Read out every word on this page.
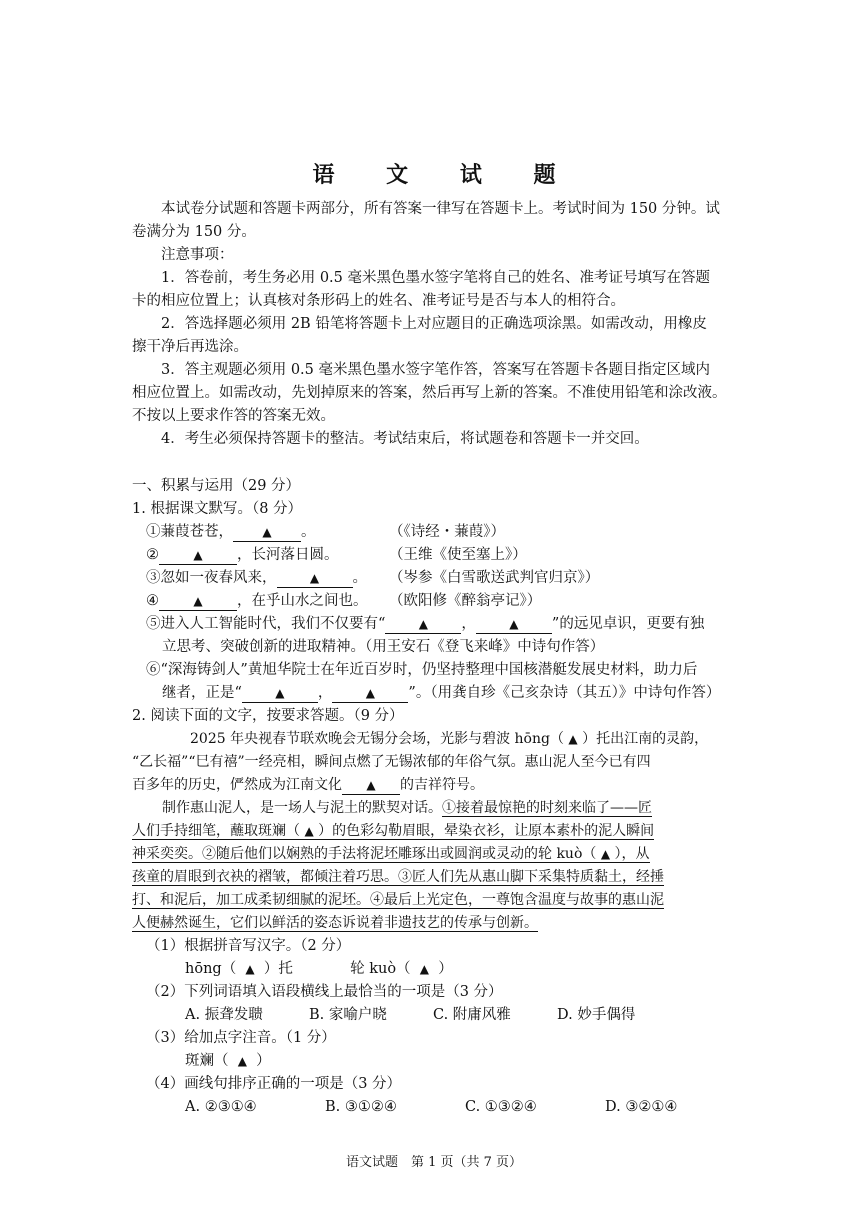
语 文 试 题
本试卷分试题和答题卡两部分，所有答案一律写在答题卡上。考试时间为 150 分钟。试
卷满分为 150 分。
注意事项：
1．答卷前，考生务必用 0.5 毫米黑色墨水签字笔将自己的姓名、准考证号填写在答题
卡的相应位置上；认真核对条形码上的姓名、准考证号是否与本人的相符合。
2．答选择题必须用 2B 铅笔将答题卡上对应题目的正确选项涂黑。如需改动，用橡皮
擦干净后再选涂。
3．答主观题必须用 0.5 毫米黑色墨水签字笔作答，答案写在答题卡各题目指定区域内
相应位置上。如需改动，先划掉原来的答案，然后再写上新的答案。不准使用铅笔和涂改液。
不按以上要求作答的答案无效。
4．考生必须保持答题卡的整洁。考试结束后，将试题卷和答题卡一并交回。
一、积累与运用（29 分）
1. 根据课文默写。（8 分）
①蒹葭苍苍， ▲ 。	（《诗经・蒹葭》）
②	▲ ，长河落日圆。	（王维《使至塞上》）
③忽如一夜春风来，	▲ 。	（岑参《白雪歌送武判官归京》）
④	▲ ，在乎山水之间也。	（欧阳修《醉翁亭记》）
⑤进入人工智能时代，我们不仅要有“	▲ ，	▲ ”的远见卓识，更要有独
立思考、突破创新的进取精神。（用王安石《登飞来峰》中诗句作答）
⑥“深海铸剑人”黄旭华院士在年近百岁时，仍坚持整理中国核潜艇发展史材料，助力后
继者，正是“	▲ ，	▲ ”。（用龚自珍《己亥杂诗（其五）》中诗句作答）
2. 阅读下面的文字，按要求答题。（9 分）
2025 年央视春节联欢晚会无锡分会场，光影与碧波 hōng（ ▲ ）托出江南的灵韵，
“乙长福”“巳有禧”一经亮相，瞬间点燃了无锡浓郁的年俗气氛。惠山泥人至今已有四
百多年的历史，俨然成为江南文化 ▲ 的吉祥符号。
制作惠山泥人，是一场人与泥土的默契对话。①接着最惊艳的时刻来临了——匠
人们手持细笔，蘸取斑斓（ ▲ ）的色彩勾勒眉眼，晕染衣衫，让原本素朴的泥人瞬间
神采奕奕。②随后他们以娴熟的手法将泥坯雕琢出或圆润或灵动的轮 kuò（ ▲ ），从
孩童的眉眼到衣袂的褶皱，都倾注着巧思。③匠人们先从惠山脚下采集特质黏土，经捶
打、和泥后，加工成柔韧细腻的泥坯。④最后上光定色，一尊饱含温度与故事的惠山泥
人便赫然诞生，它们以鲜活的姿态诉说着非遗技艺的传承与创新。
（1）根据拼音写汉字。（2 分）
hōng（ ▲ ）托	轮 kuò（ ▲ ）
（2）下列词语填入语段横线上最恰当的一项是（3 分）
A. 振聋发聩	B. 家喻户晓	C. 附庸风雅	D. 妙手偶得
（3）给加点字注音。（1 分）
斑斓（ ▲ ）
（4）画线句排序正确的一项是（3 分）
A. ②③①④	B. ③①②④	C. ①③②④	D. ③②①④
语文试题　第 1 页（共 7 页）
